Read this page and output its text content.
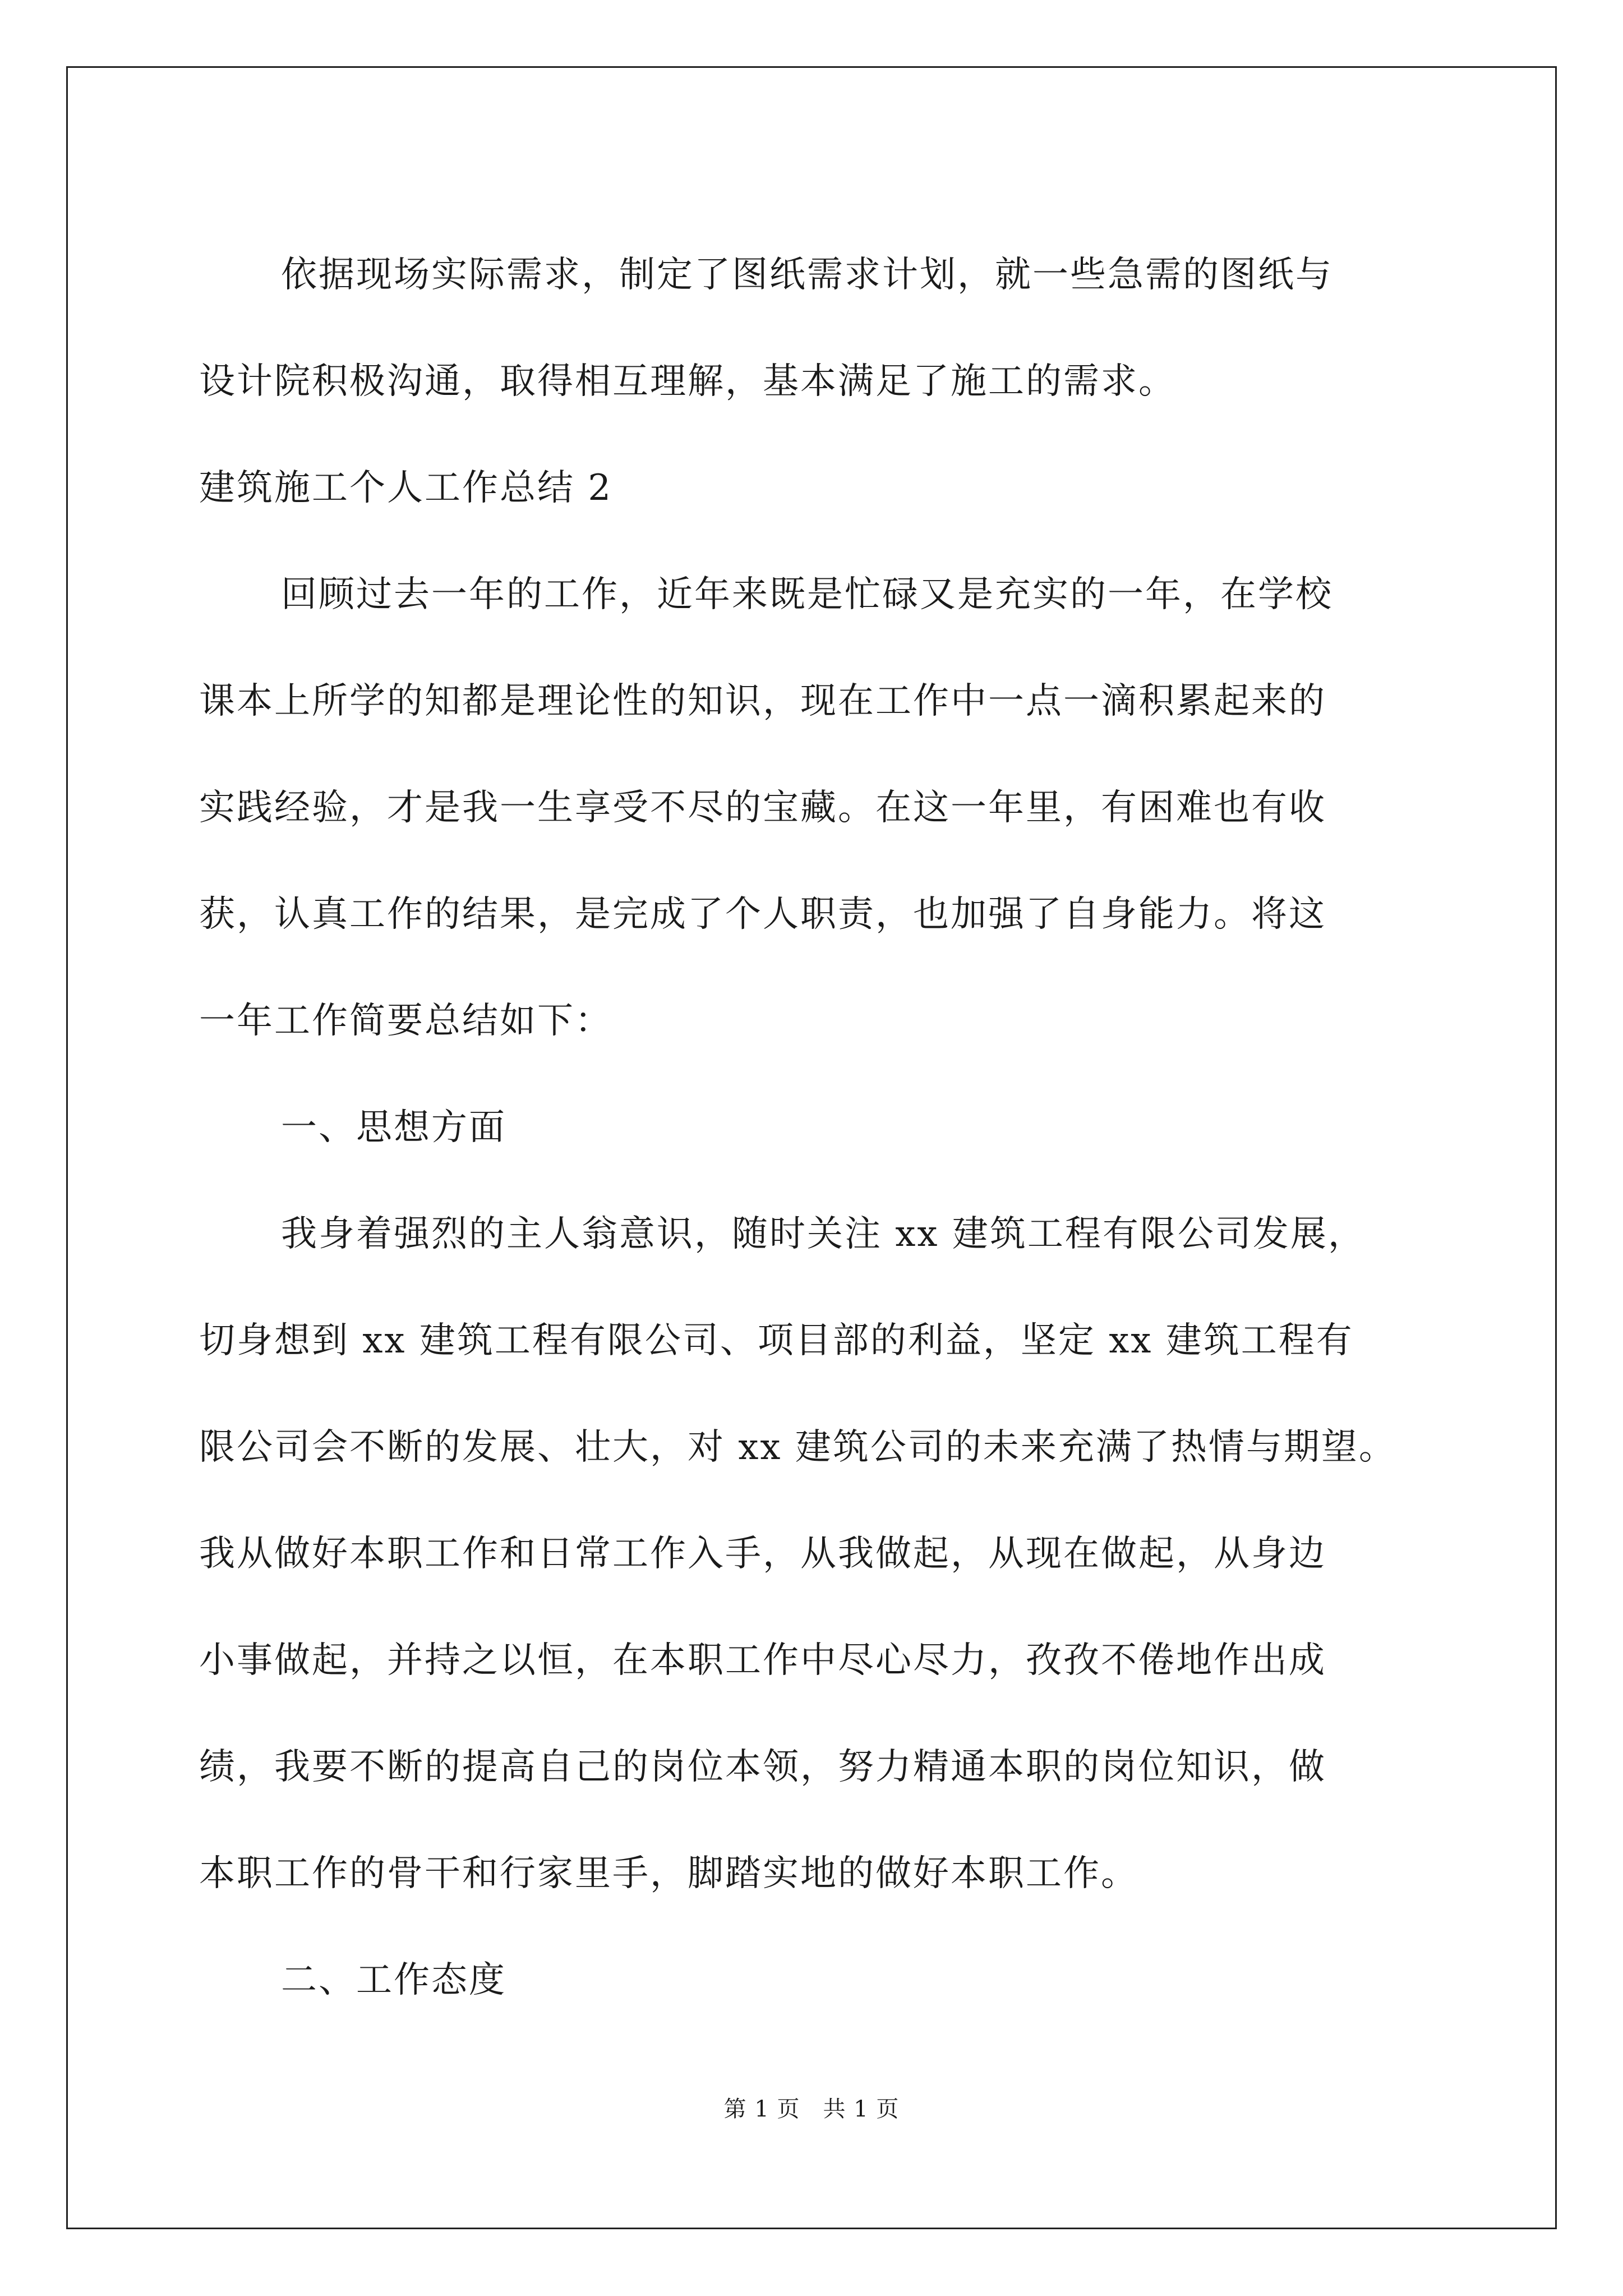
依据现场实际需求，制定了图纸需求计划，就一些急需的图纸与

设计院积极沟通，取得相互理解，基本满足了施工的需求。

建筑施工个人工作总结 2

回顾过去一年的工作，近年来既是忙碌又是充实的一年，在学校

课本上所学的知都是理论性的知识，现在工作中一点一滴积累起来的

实践经验，才是我一生享受不尽的宝藏。在这一年里，有困难也有收

获，认真工作的结果，是完成了个人职责，也加强了自身能力。将这

一年工作简要总结如下：

一、思想方面

我身着强烈的主人翁意识，随时关注 xx 建筑工程有限公司发展，

切身想到 xx 建筑工程有限公司、项目部的利益，坚定 xx 建筑工程有

限公司会不断的发展、壮大，对 xx 建筑公司的未来充满了热情与期望。

我从做好本职工作和日常工作入手，从我做起，从现在做起，从身边

小事做起，并持之以恒，在本职工作中尽心尽力，孜孜不倦地作出成

绩，我要不断的提高自己的岗位本领，努力精通本职的岗位知识，做

本职工作的骨干和行家里手，脚踏实地的做好本职工作。

二、工作态度

第 1 页　共 1 页
